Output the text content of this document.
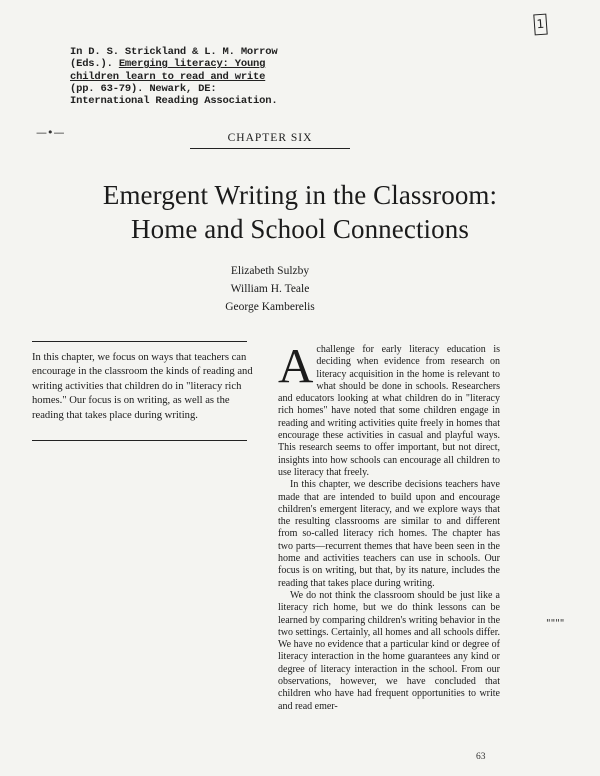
1
In D. S. Strickland & L. M. Morrow
(Eds.). Emerging literacy: Young
children learn to read and write
(pp. 63-79). Newark, DE:
International Reading Association.
—•—
""""
CHAPTER SIX
Emergent Writing in the Classroom:
Home and School Connections
Elizabeth Sulzby
William H. Teale
George Kamberelis
In this chapter, we focus on ways that teachers can encourage in the classroom the kinds of reading and writing activities that children do in "literacy rich homes." Our focus is on writing, as well as the reading that takes place during writing.

A challenge for early literacy education is deciding when evidence from research on literacy acquisition in the home is relevant to what should be done in schools. Researchers and educators looking at what children do in "literacy rich homes" have noted that some children engage in reading and writing activities quite freely in homes that encourage these activities in casual and playful ways. This research seems to offer important, but not direct, insights into how schools can encourage all children to use literacy that freely.

In this chapter, we describe decisions teachers have made that are intended to build upon and encourage children's emergent literacy, and we explore ways that the resulting classrooms are similar to and different from so-called literacy rich homes. The chapter has two parts—recurrent themes that have been seen in the home and activities teachers can use in schools. Our focus is on writing, but that, by its nature, includes the reading that takes place during writing.

We do not think the classroom should be just like a literacy rich home, but we do think lessons can be learned by comparing children's writing behavior in the two settings. Certainly, all homes and all schools differ. We have no evidence that a particular kind or degree of literacy interaction in the home guarantees any kind or degree of literacy interaction in the school. From our observations, however, we have concluded that children who have had frequent opportunities to write and read emer-

63
